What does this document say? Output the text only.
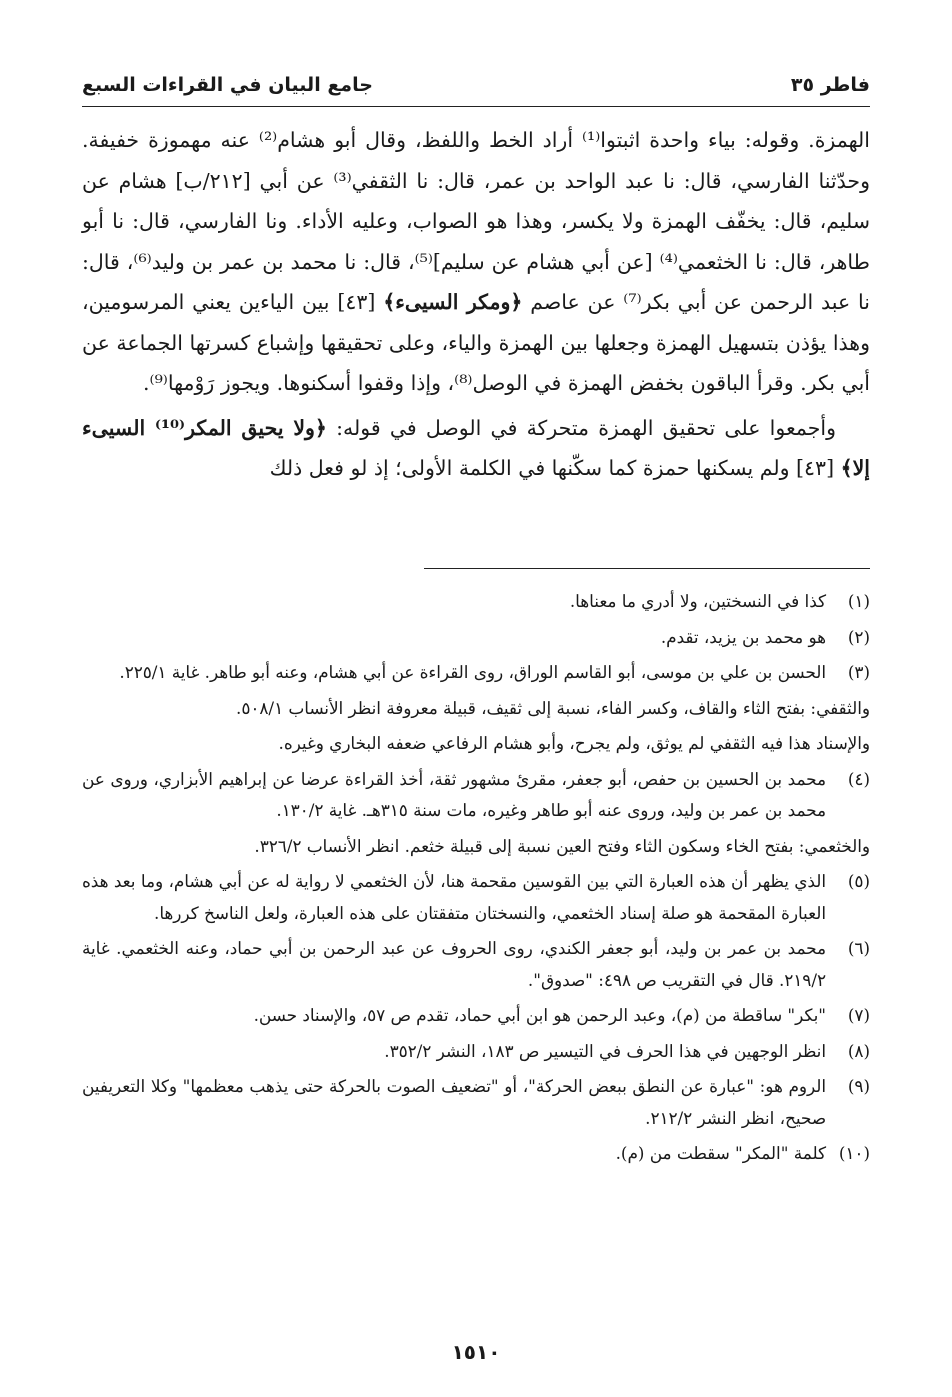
فاطر ٣٥
جامع البيان في القراءات السبع

الهمزة. وقوله: بياء واحدة اثبتوا⁽¹⁾ أراد الخط واللفظ، وقال أبو هشام⁽²⁾ عنه مهموزة خفيفة. وحدّثنا الفارسي، قال: نا عبد الواحد بن عمر، قال: نا الثقفي⁽³⁾ عن أبي [٢١٢/ب] هشام عن سليم، قال: يخفّف الهمزة ولا يكسر، وهذا هو الصواب، وعليه الأداء. ونا الفارسي، قال: نا أبو طاهر، قال: نا الخثعمي⁽⁴⁾ [عن أبي هشام عن سليم]⁽⁵⁾، قال: نا محمد بن عمر بن وليد⁽⁶⁾، قال: نا عبد الرحمن عن أبي بكر⁽⁷⁾ عن عاصم ﴿ومكر السيىء﴾ [٤٣] بين الياءين يعني المرسومين، وهذا يؤذن بتسهيل الهمزة وجعلها بين الهمزة والياء، وعلى تحقيقها وإشباع كسرتها الجماعة عن أبي بكر. وقرأ الباقون بخفض الهمزة في الوصل⁽⁸⁾، وإذا وقفوا أسكنوها. ويجوز رَوْمها⁽⁹⁾.

وأجمعوا على تحقيق الهمزة متحركة في الوصل في قوله: ﴿ولا يحيق المكر⁽¹⁰⁾ السيىء إلا﴾ [٤٣] ولم يسكنها حمزة كما سكّنها في الكلمة الأولى؛ إذ لو فعل ذلك

(١)
كذا في النسختين، ولا أدري ما معناها.

(٢)
هو محمد بن يزيد، تقدم.

(٣)
الحسن بن علي بن موسى، أبو القاسم الوراق، روى القراءة عن أبي هشام، وعنه أبو طاهر. غاية ٢٢٥/١.

والثقفي: بفتح الثاء والقاف، وكسر الفاء، نسبة إلى ثقيف، قبيلة معروفة انظر الأنساب ٥٠٨/١.

والإسناد هذا فيه الثقفي لم يوثق، ولم يجرح، وأبو هشام الرفاعي ضعفه البخاري وغيره.

(٤)
محمد بن الحسين بن حفص، أبو جعفر، مقرئ مشهور ثقة، أخذ القراءة عرضا عن إبراهيم الأبزاري، وروى عن محمد بن عمر بن وليد، وروى عنه أبو طاهر وغيره، مات سنة ٣١٥هـ. غاية ١٣٠/٢.

والخثعمي: بفتح الخاء وسكون الثاء وفتح العين نسبة إلى قبيلة خثعم. انظر الأنساب ٣٢٦/٢.

(٥)
الذي يظهر أن هذه العبارة التي بين القوسين مقحمة هنا، لأن الخثعمي لا رواية له عن أبي هشام، وما بعد هذه العبارة المقحمة هو صلة إسناد الخثعمي، والنسختان متفقتان على هذه العبارة، ولعل الناسخ كررها.

(٦)
محمد بن عمر بن وليد، أبو جعفر الكندي، روى الحروف عن عبد الرحمن بن أبي حماد، وعنه الخثعمي. غاية ٢١٩/٢. قال في التقريب ص ٤٩٨: "صدوق".

(٧)
"بكر" ساقطة من (م)، وعبد الرحمن هو ابن أبي حماد، تقدم ص ٥٧، والإسناد حسن.

(٨)
انظر الوجهين في هذا الحرف في التيسير ص ١٨٣، النشر ٣٥٢/٢.

(٩)
الروم هو: "عبارة عن النطق ببعض الحركة"، أو "تضعيف الصوت بالحركة حتى يذهب معظمها" وكلا التعريفين صحيح، انظر النشر ٢١٢/٢.

(١٠)
كلمة "المكر" سقطت من (م).

١٥١٠
